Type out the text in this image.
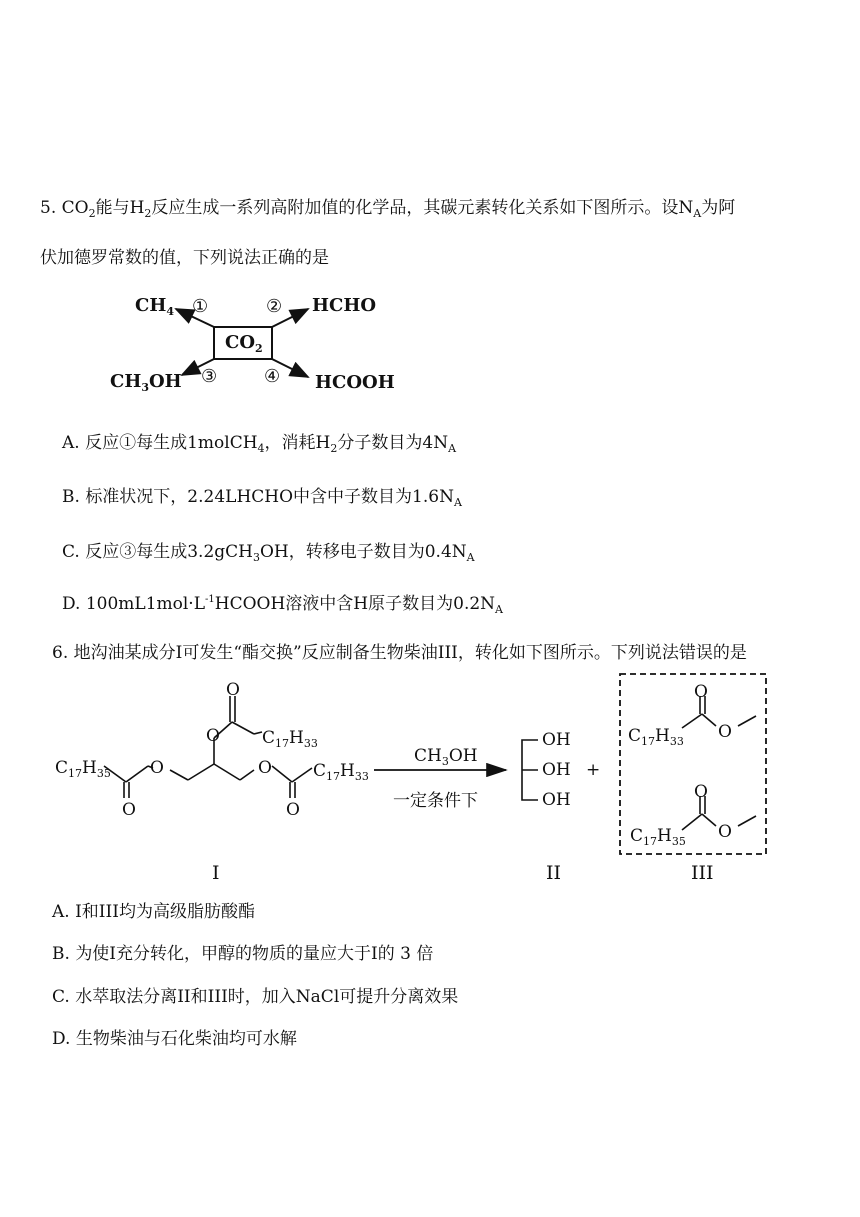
5. $CO_2$能与$H_2$反应生成一系列高附加值的化学品，其碳元素转化关系如下图所示。设$N_A$为阿
伏加德罗常数的值，下列说法正确的是
$CO_2$
$CH_4$	HCHO
$CH_3OH$	HCOOH
①	②
③	④
A. 反应①每生成1molCH$_4$，消耗$H_2$分子数目为$4N_A$
B. 标准状况下，2.24LHCHO中含中子数目为$1.6N_A$
C. 反应③每生成3.2gCH$_3$OH，转移电子数目为$0.4N_A$
D. $100mL1mol\cdot L^{-1}HCOOH$溶液中含H原子数目为$0.2N_A$
6. 地沟油某成分I可发生“酯交换”反应制备生物柴油III，转化如下图所示。下列说法错误的是
O
O $C_{17}H_{33}$
$C_{17}H_{35}$ O	O $C_{17}H_{33}$
O	O
$CH_3OH$
一定条件下
OH
OH
OH
+
O
$C_{17}H_{33}$ O
O
$C_{17}H_{35}$ O
I	II	III
A. I和III均为高级脂肪酸酯
B. 为使I充分转化，甲醇的物质的量应大于I的 3 倍
C. 水萃取法分离II和III时，加入NaCl可提升分离效果
D. 生物柴油与石化柴油均可水解
